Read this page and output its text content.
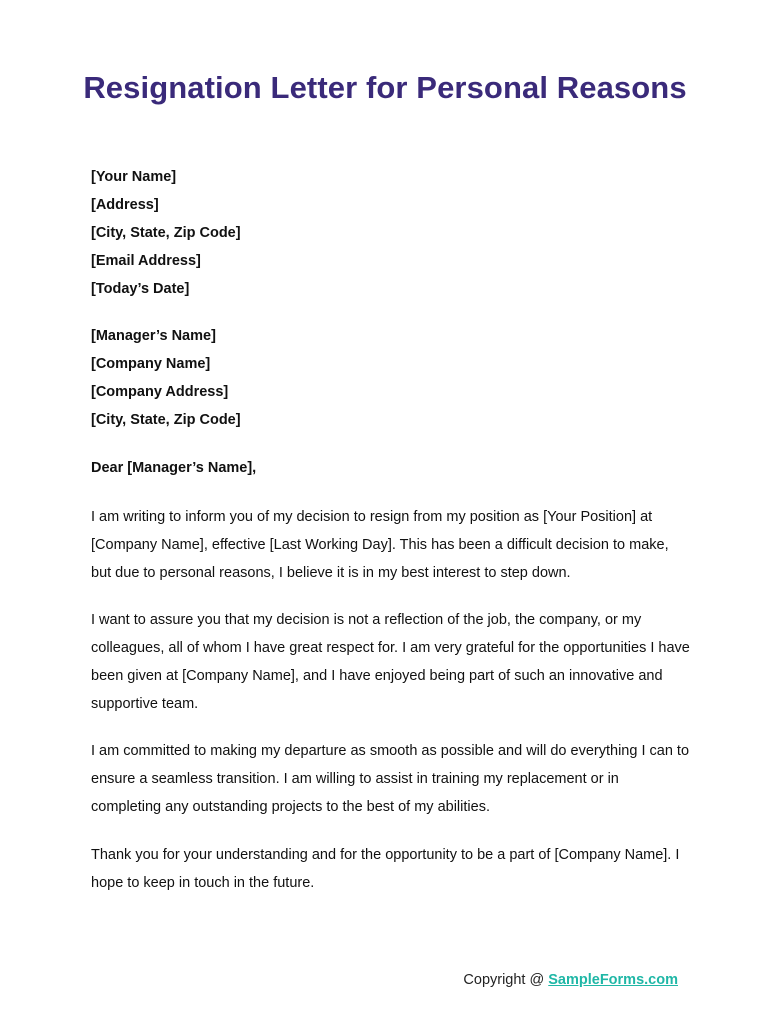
Resignation Letter for Personal Reasons
[Your Name]
[Address]
[City, State, Zip Code]
[Email Address]
[Today’s Date]
[Manager’s Name]
[Company Name]
[Company Address]
[City, State, Zip Code]
Dear [Manager’s Name],

I am writing to inform you of my decision to resign from my position as [Your Position] at [Company Name], effective [Last Working Day]. This has been a difficult decision to make, but due to personal reasons, I believe it is in my best interest to step down.

I want to assure you that my decision is not a reflection of the job, the company, or my colleagues, all of whom I have great respect for. I am very grateful for the opportunities I have been given at [Company Name], and I have enjoyed being part of such an innovative and supportive team.

I am committed to making my departure as smooth as possible and will do everything I can to ensure a seamless transition. I am willing to assist in training my replacement or in completing any outstanding projects to the best of my abilities.

Thank you for your understanding and for the opportunity to be a part of [Company Name]. I hope to keep in touch in the future.

Copyright @ SampleForms.com
